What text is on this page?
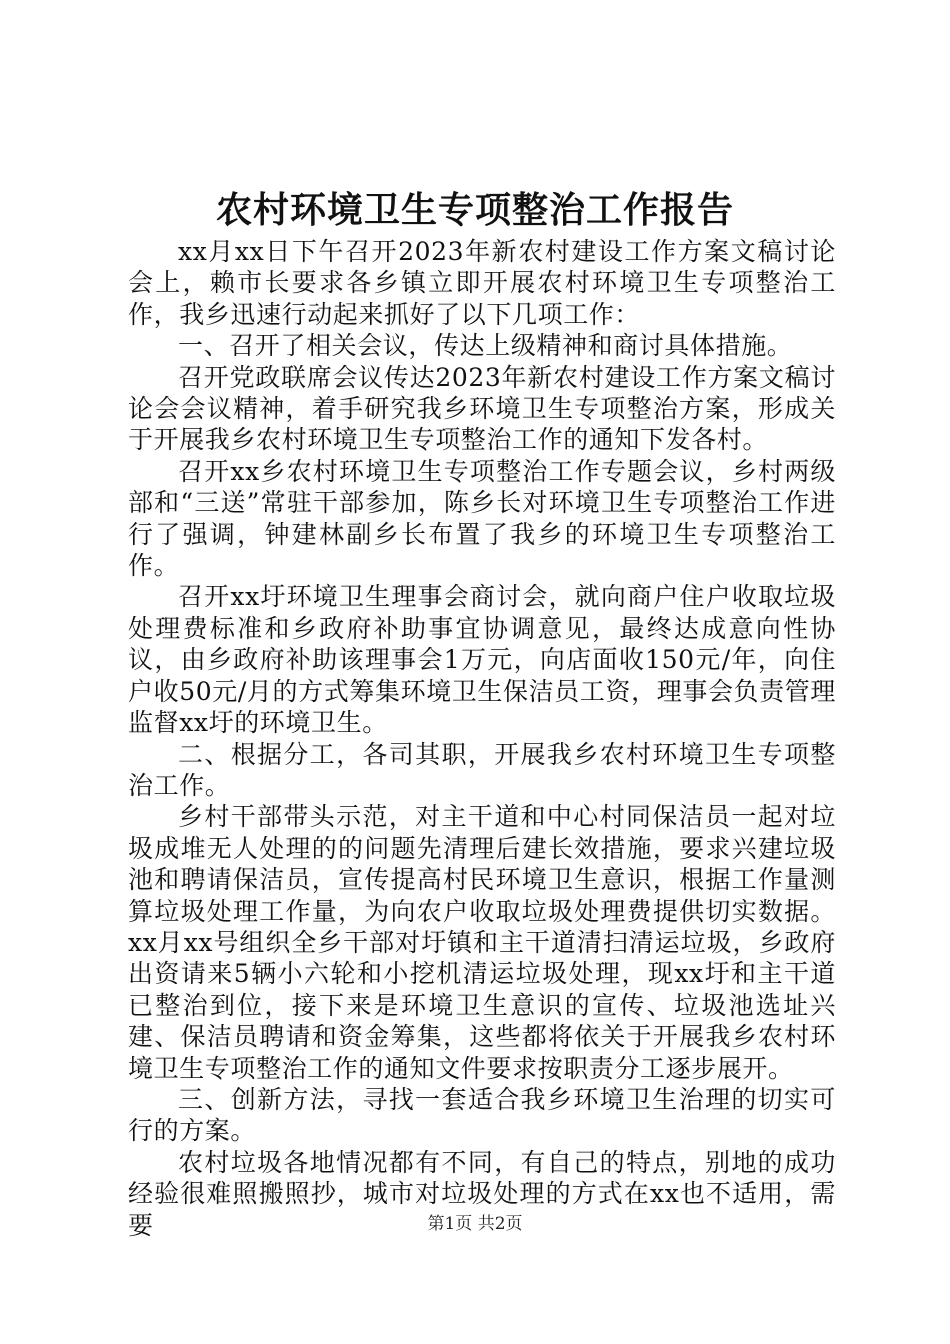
农村环境卫生专项整治工作报告

xx月xx日下午召开2023年新农村建设工作方案文稿讨论会上，赖市长要求各乡镇立即开展农村环境卫生专项整治工作，我乡迅速行动起来抓好了以下几项工作：

一、召开了相关会议，传达上级精神和商讨具体措施。

召开党政联席会议传达2023年新农村建设工作方案文稿讨论会会议精神，着手研究我乡环境卫生专项整治方案，形成关于开展我乡农村环境卫生专项整治工作的通知下发各村。

召开xx乡农村环境卫生专项整治工作专题会议，乡村两级部和“三送”常驻干部参加，陈乡长对环境卫生专项整治工作进行了强调，钟建林副乡长布置了我乡的环境卫生专项整治工作。

召开xx圩环境卫生理事会商讨会，就向商户住户收取垃圾处理费标准和乡政府补助事宜协调意见，最终达成意向性协议，由乡政府补助该理事会1万元，向店面收150元/年，向住户收50元/月的方式筹集环境卫生保洁员工资，理事会负责管理监督xx圩的环境卫生。

二、根据分工，各司其职，开展我乡农村环境卫生专项整治工作。

乡村干部带头示范，对主干道和中心村同保洁员一起对垃圾成堆无人处理的的问题先清理后建长效措施，要求兴建垃圾池和聘请保洁员，宣传提高村民环境卫生意识，根据工作量测算垃圾处理工作量，为向农户收取垃圾处理费提供切实数据。xx月xx号组织全乡干部对圩镇和主干道清扫清运垃圾，乡政府出资请来5辆小六轮和小挖机清运垃圾处理，现xx圩和主干道已整治到位，接下来是环境卫生意识的宣传、垃圾池选址兴建、保洁员聘请和资金筹集，这些都将依关于开展我乡农村环境卫生专项整治工作的通知文件要求按职责分工逐步展开。

三、创新方法，寻找一套适合我乡环境卫生治理的切实可行的方案。

农村垃圾各地情况都有不同，有自己的特点，别地的成功经验很难照搬照抄，城市对垃圾处理的方式在xx也不适用，需要	第1页 共2页
